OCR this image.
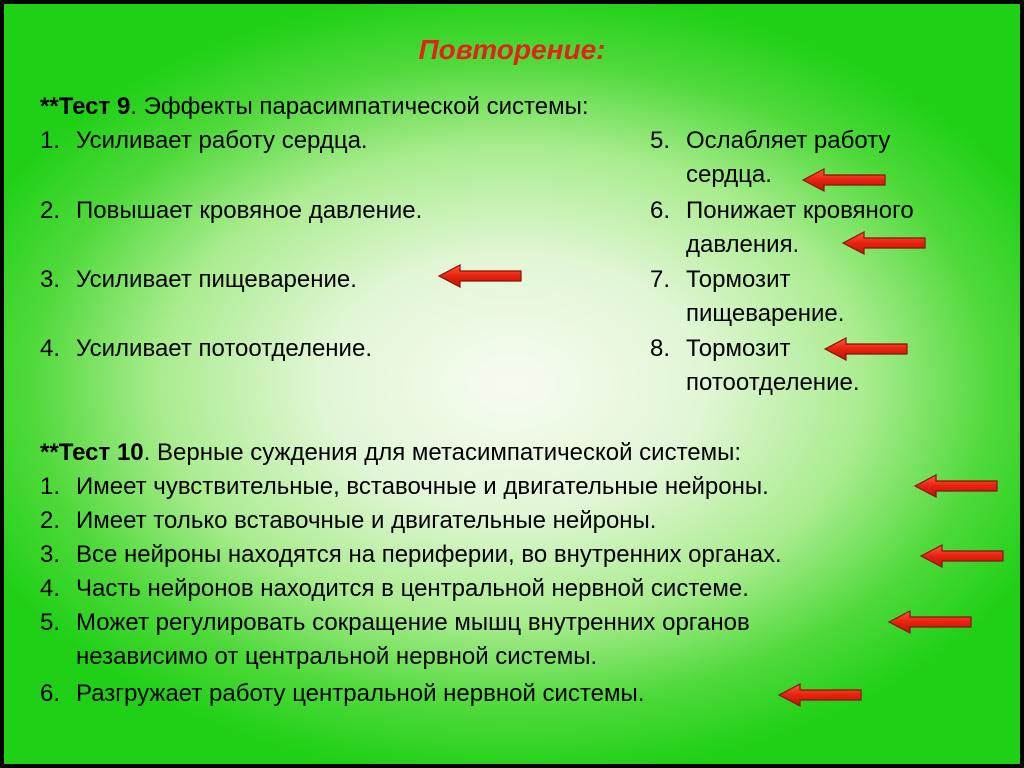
Повторение:
**Тест 9. Эффекты парасимпатической системы:
1. Усиливает работу сердца.
2. Повышает кровяное давление.
3. Усиливает пищеварение.
4. Усиливает потоотделение.
5. Ослабляет работу
сердца.
6. Понижает кровяного
давления.
7. Тормозит
пищеварение.
8. Тормозит
потоотделение.
**Тест 10. Верные суждения для метасимпатической системы:
1. Имеет чувствительные, вставочные и двигательные нейроны.
2. Имеет только вставочные и двигательные нейроны.
3. Все нейроны находятся на периферии, во внутренних органах.
4. Часть нейронов находится в центральной нервной системе.
5. Может регулировать сокращение мышц внутренних органов
независимо от центральной нервной системы.
6. Разгружает работу центральной нервной системы.
